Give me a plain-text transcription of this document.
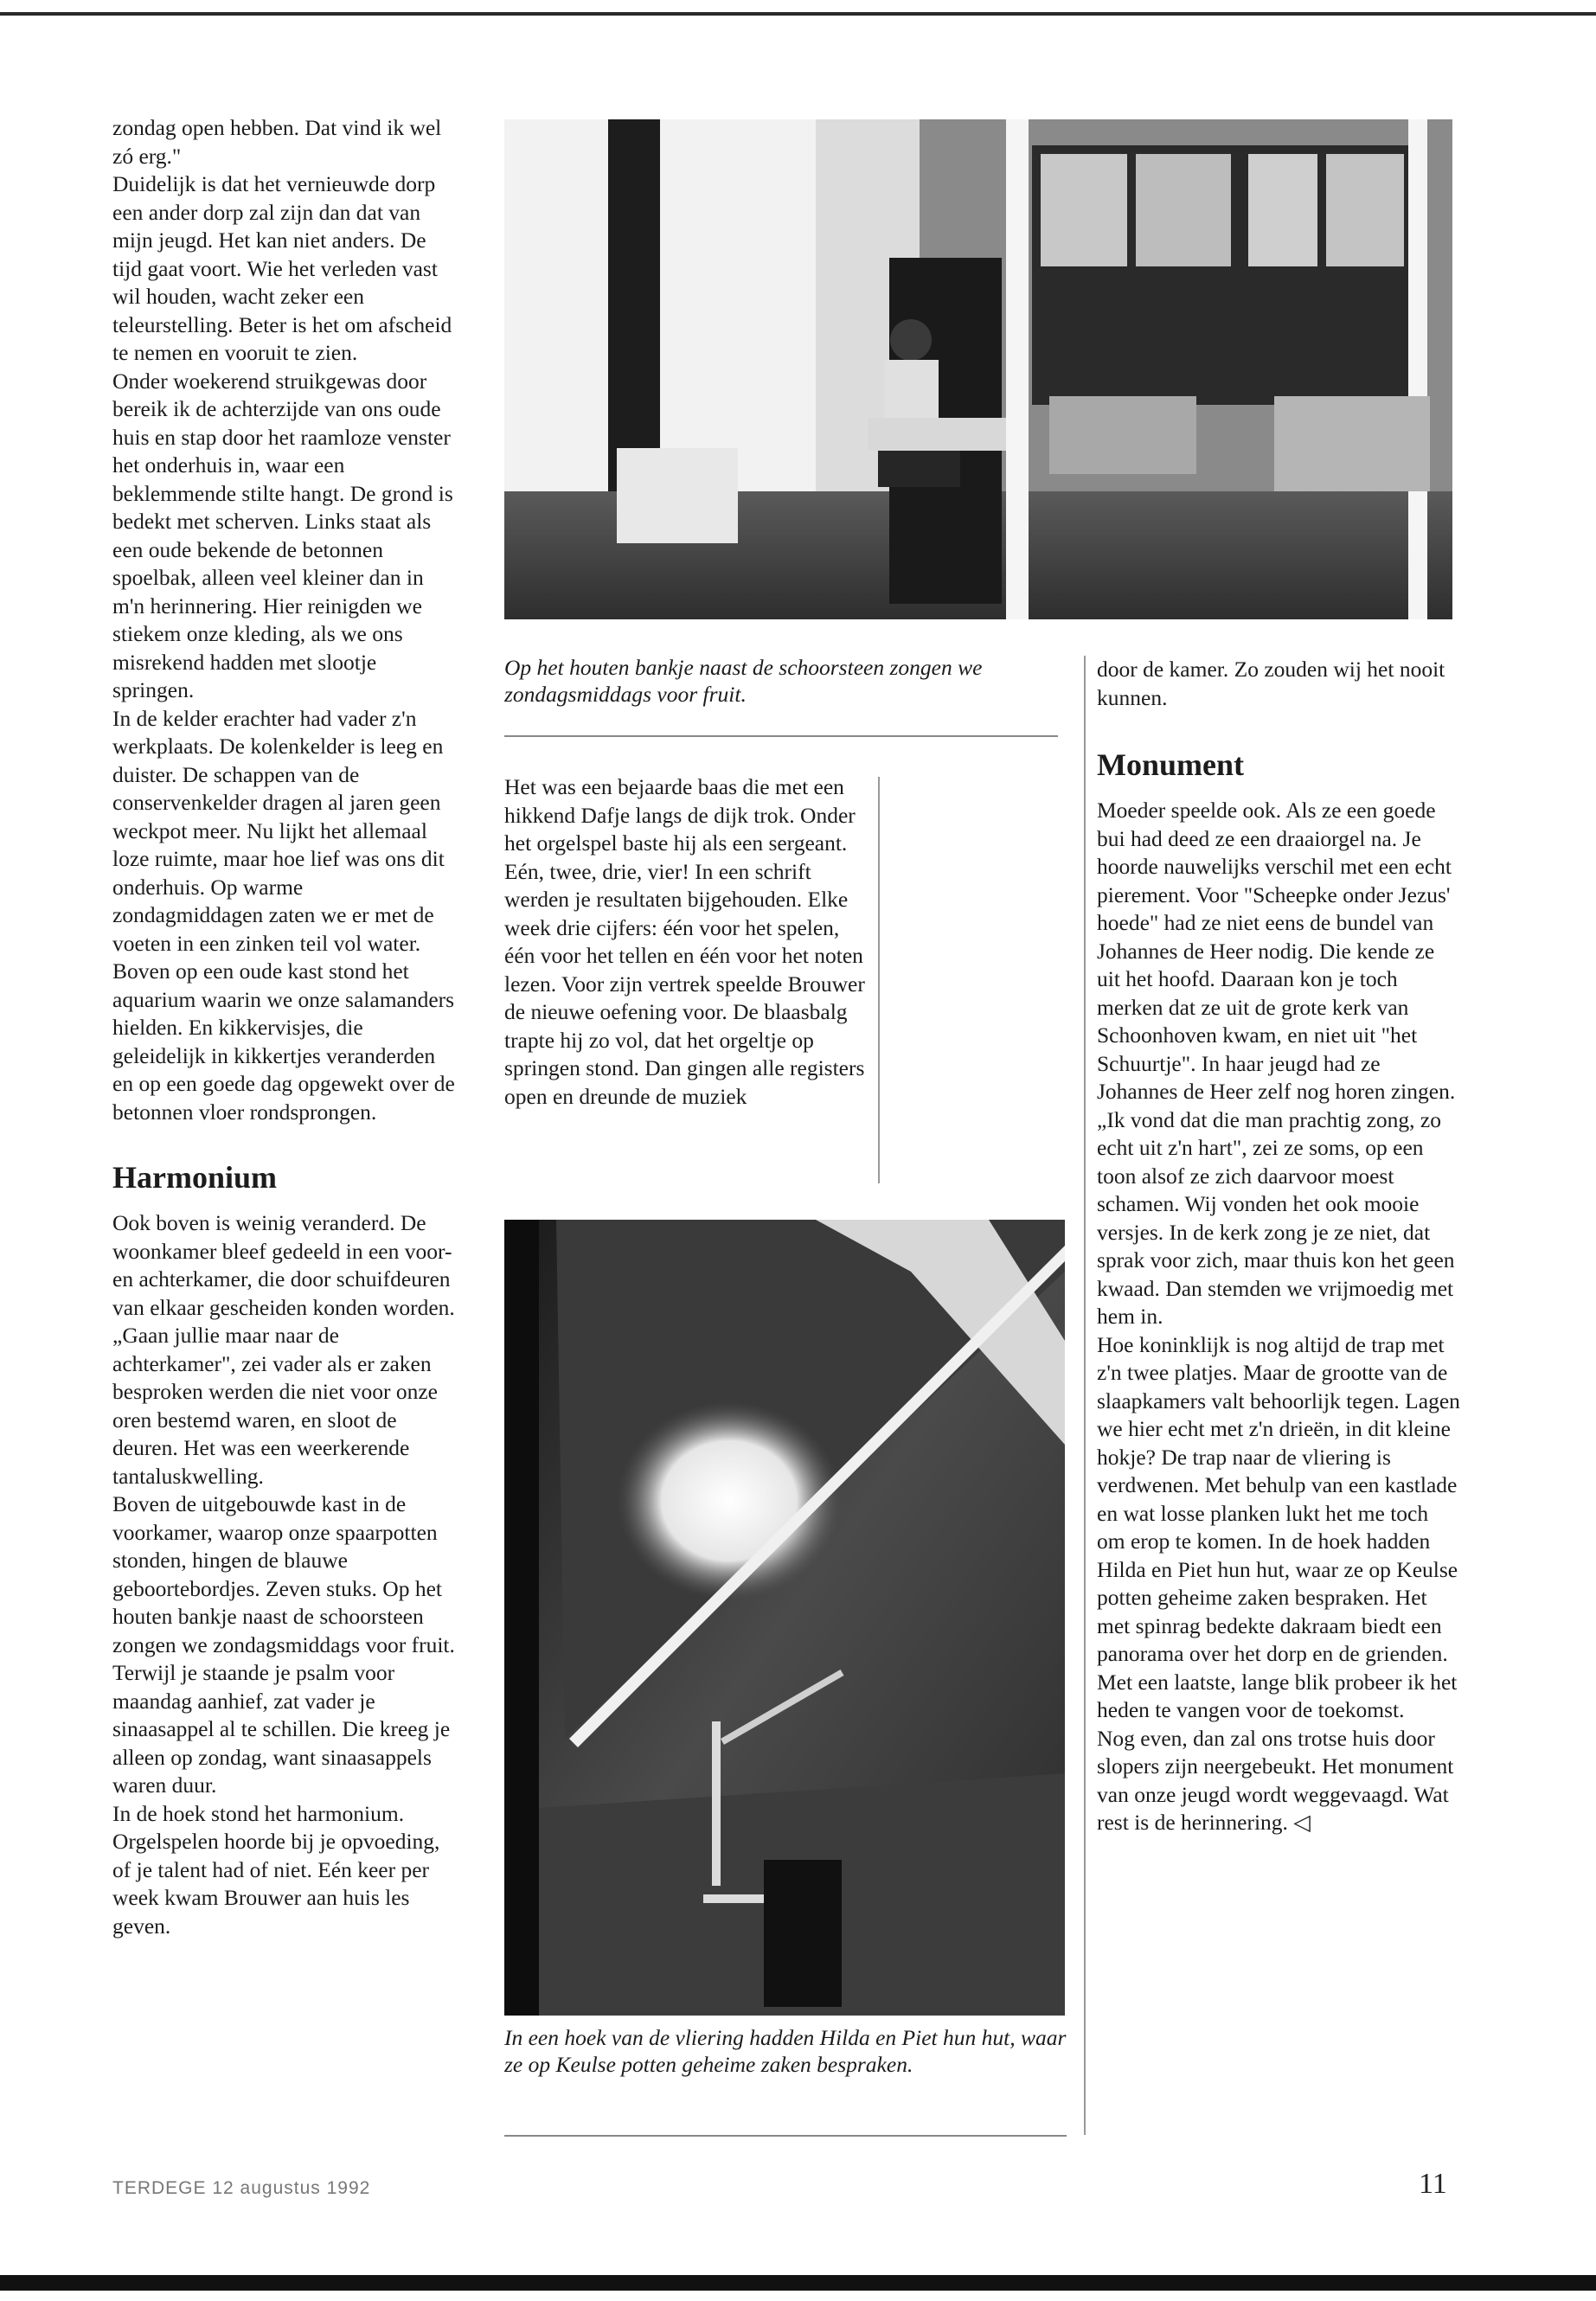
zondag open hebben. Dat vind ik wel zó erg."

Duidelijk is dat het vernieuwde dorp een ander dorp zal zijn dan dat van mijn jeugd. Het kan niet anders. De tijd gaat voort. Wie het verleden vast wil houden, wacht zeker een teleurstelling. Beter is het om afscheid te nemen en vooruit te zien.

Onder woekerend struikgewas door bereik ik de achterzijde van ons oude huis en stap door het raamloze venster het onderhuis in, waar een beklemmende stilte hangt. De grond is bedekt met scherven. Links staat als een oude bekende de betonnen spoelbak, alleen veel kleiner dan in m'n herinnering. Hier reinigden we stiekem onze kleding, als we ons misrekend hadden met slootje springen.

In de kelder erachter had vader z'n werkplaats. De kolenkelder is leeg en duister. De schappen van de conservenkelder dragen al jaren geen weckpot meer. Nu lijkt het allemaal loze ruimte, maar hoe lief was ons dit onderhuis. Op warme zondagmiddagen zaten we er met de voeten in een zinken teil vol water.

Boven op een oude kast stond het aquarium waarin we onze salamanders hielden. En kikkervisjes, die geleidelijk in kikkertjes veranderden en op een goede dag opgewekt over de betonnen vloer rondsprongen.

Harmonium

Ook boven is weinig veranderd. De woonkamer bleef gedeeld in een voor- en achterkamer, die door schuifdeuren van elkaar gescheiden konden worden.

„Gaan jullie maar naar de achterkamer", zei vader als er zaken besproken werden die niet voor onze oren bestemd waren, en sloot de deuren. Het was een weerkerende tantaluskwelling.

Boven de uitgebouwde kast in de voorkamer, waarop onze spaarpotten stonden, hingen de blauwe geboortebordjes. Zeven stuks. Op het houten bankje naast de schoorsteen zongen we zondagsmiddags voor fruit.

Terwijl je staande je psalm voor maandag aanhief, zat vader je sinaasappel al te schillen. Die kreeg je alleen op zondag, want sinaasappels waren duur.

In de hoek stond het harmonium. Orgelspelen hoorde bij je opvoeding, of je talent had of niet. Eén keer per week kwam Brouwer aan huis les geven.

Op het houten bankje naast de schoorsteen zongen we zondagsmiddags voor fruit.

Het was een bejaarde baas die met een hikkend Dafje langs de dijk trok. Onder het orgelspel baste hij als een sergeant. Eén, twee, drie, vier! In een schrift werden je resultaten bijgehouden. Elke week drie cijfers: één voor het spelen, één voor het tellen en één voor het noten lezen. Voor zijn vertrek speelde Brouwer de nieuwe oefening voor. De blaasbalg trapte hij zo vol, dat het orgeltje op springen stond. Dan gingen alle registers open en dreunde de muziek

In een hoek van de vliering hadden Hilda en Piet hun hut, waar ze op Keulse potten geheime zaken bespraken.

door de kamer. Zo zouden wij het nooit kunnen.

Monument

Moeder speelde ook. Als ze een goede bui had deed ze een draaiorgel na. Je hoorde nauwelijks verschil met een echt pierement. Voor "Scheepke onder Jezus' hoede" had ze niet eens de bundel van Johannes de Heer nodig. Die kende ze uit het hoofd. Daaraan kon je toch merken dat ze uit de grote kerk van Schoonhoven kwam, en niet uit "het Schuurtje". In haar jeugd had ze Johannes de Heer zelf nog horen zingen.

„Ik vond dat die man prachtig zong, zo echt uit z'n hart", zei ze soms, op een toon alsof ze zich daarvoor moest schamen. Wij vonden het ook mooie versjes. In de kerk zong je ze niet, dat sprak voor zich, maar thuis kon het geen kwaad. Dan stemden we vrijmoedig met hem in.

Hoe koninklijk is nog altijd de trap met z'n twee platjes. Maar de grootte van de slaapkamers valt behoorlijk tegen. Lagen we hier echt met z'n drieën, in dit kleine hokje? De trap naar de vliering is verdwenen. Met behulp van een kastlade en wat losse planken lukt het me toch om erop te komen. In de hoek hadden Hilda en Piet hun hut, waar ze op Keulse potten geheime zaken bespraken. Het met spinrag bedekte dakraam biedt een panorama over het dorp en de grienden. Met een laatste, lange blik probeer ik het heden te vangen voor de toekomst.

Nog even, dan zal ons trotse huis door slopers zijn neergebeukt. Het monument van onze jeugd wordt weggevaagd. Wat rest is de herinnering. ◁

TERDEGE 12 augustus 1992	11
